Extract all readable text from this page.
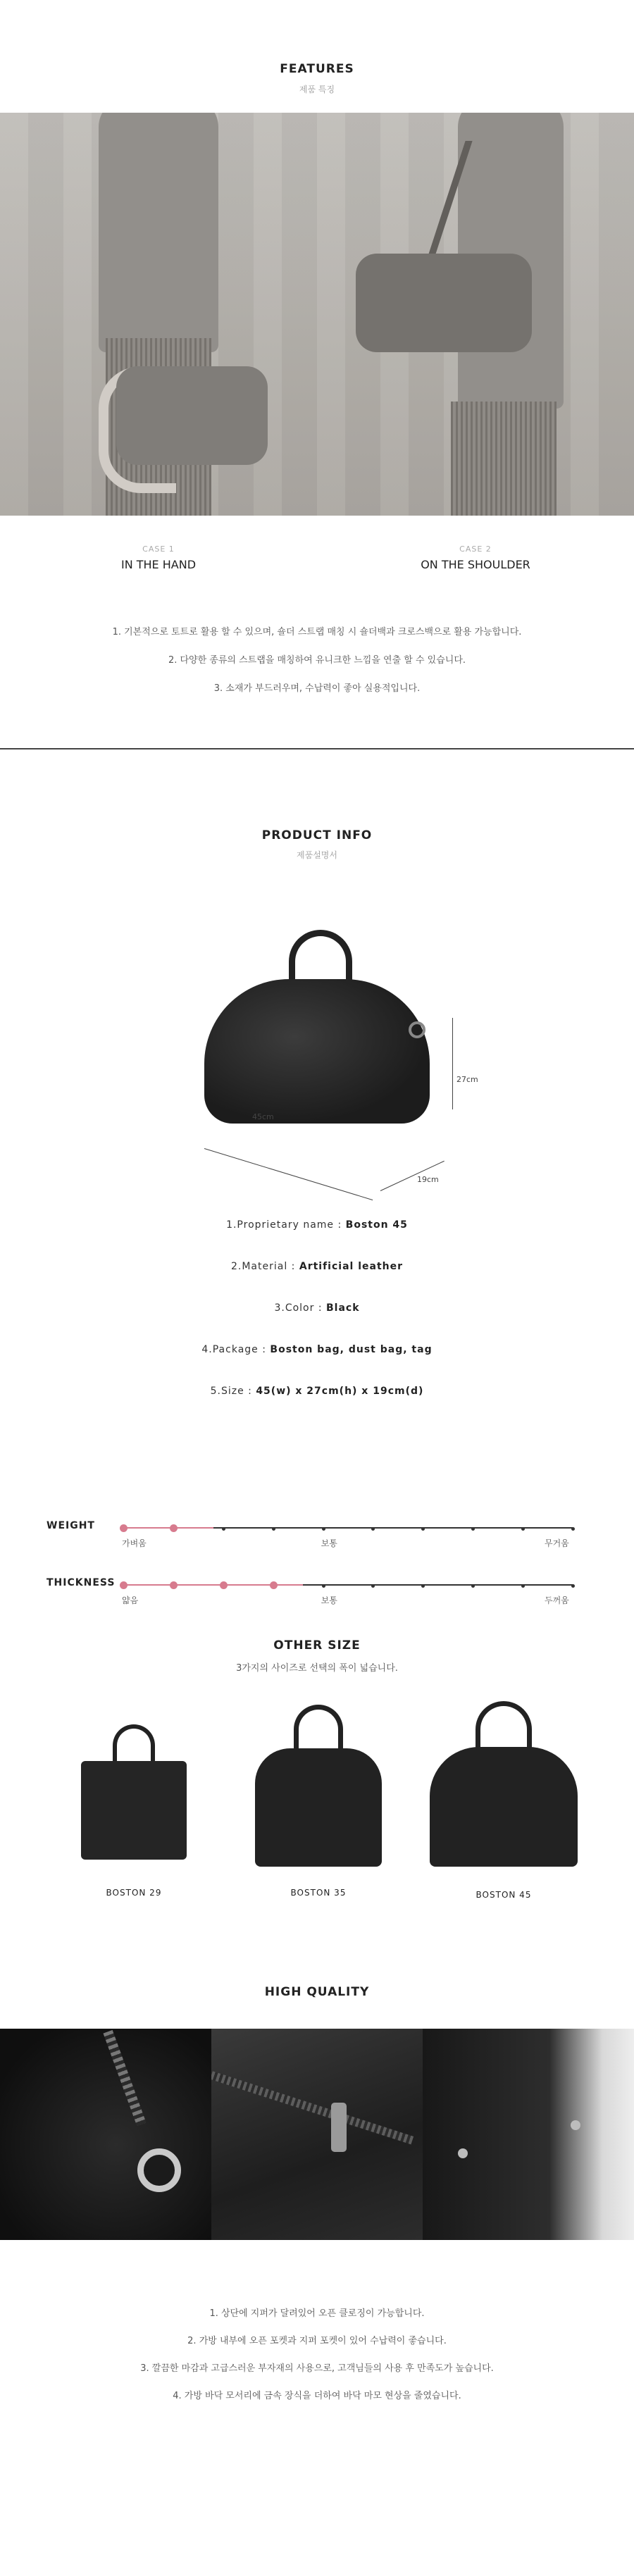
FEATURES
제품 특징
CASE 1
IN THE HAND
CASE 2
ON THE SHOULDER
1. 기본적으로 토트로 활용 할 수 있으며, 숄더 스트랩 매칭 시 숄더백과 크로스백으로 활용 가능합니다.
2. 다양한 종류의 스트랩을 매칭하여 유니크한 느낌을 연출 할 수 있습니다.
3. 소재가 부드러우며, 수납력이 좋아 실용적입니다.
PRODUCT INFO
제품설명서
27cm
45cm
19cm
1.Proprietary name : Boston 45
2.Material : Artificial leather
3.Color : Black
4.Package : Boston bag, dust bag, tag
5.Size : 45(w) x 27cm(h) x 19cm(d)
WEIGHT
가벼움	보통	무거움
THICKNESS
얇음	보통	두꺼움
OTHER SIZE
3가지의 사이즈로 선택의 폭이 넓습니다.
BOSTON 29	BOSTON 35	BOSTON 45
HIGH QUALITY
1. 상단에 지퍼가 달려있어 오픈 클로징이 가능합니다.
2. 가방 내부에 오픈 포켓과 지퍼 포켓이 있어 수납력이 좋습니다.
3. 깔끔한 마감과 고급스러운 부자재의 사용으로, 고객님들의 사용 후 만족도가 높습니다.
4. 가방 바닥 모서리에 금속 장식을 더하여 바닥 마모 현상을 줄였습니다.
